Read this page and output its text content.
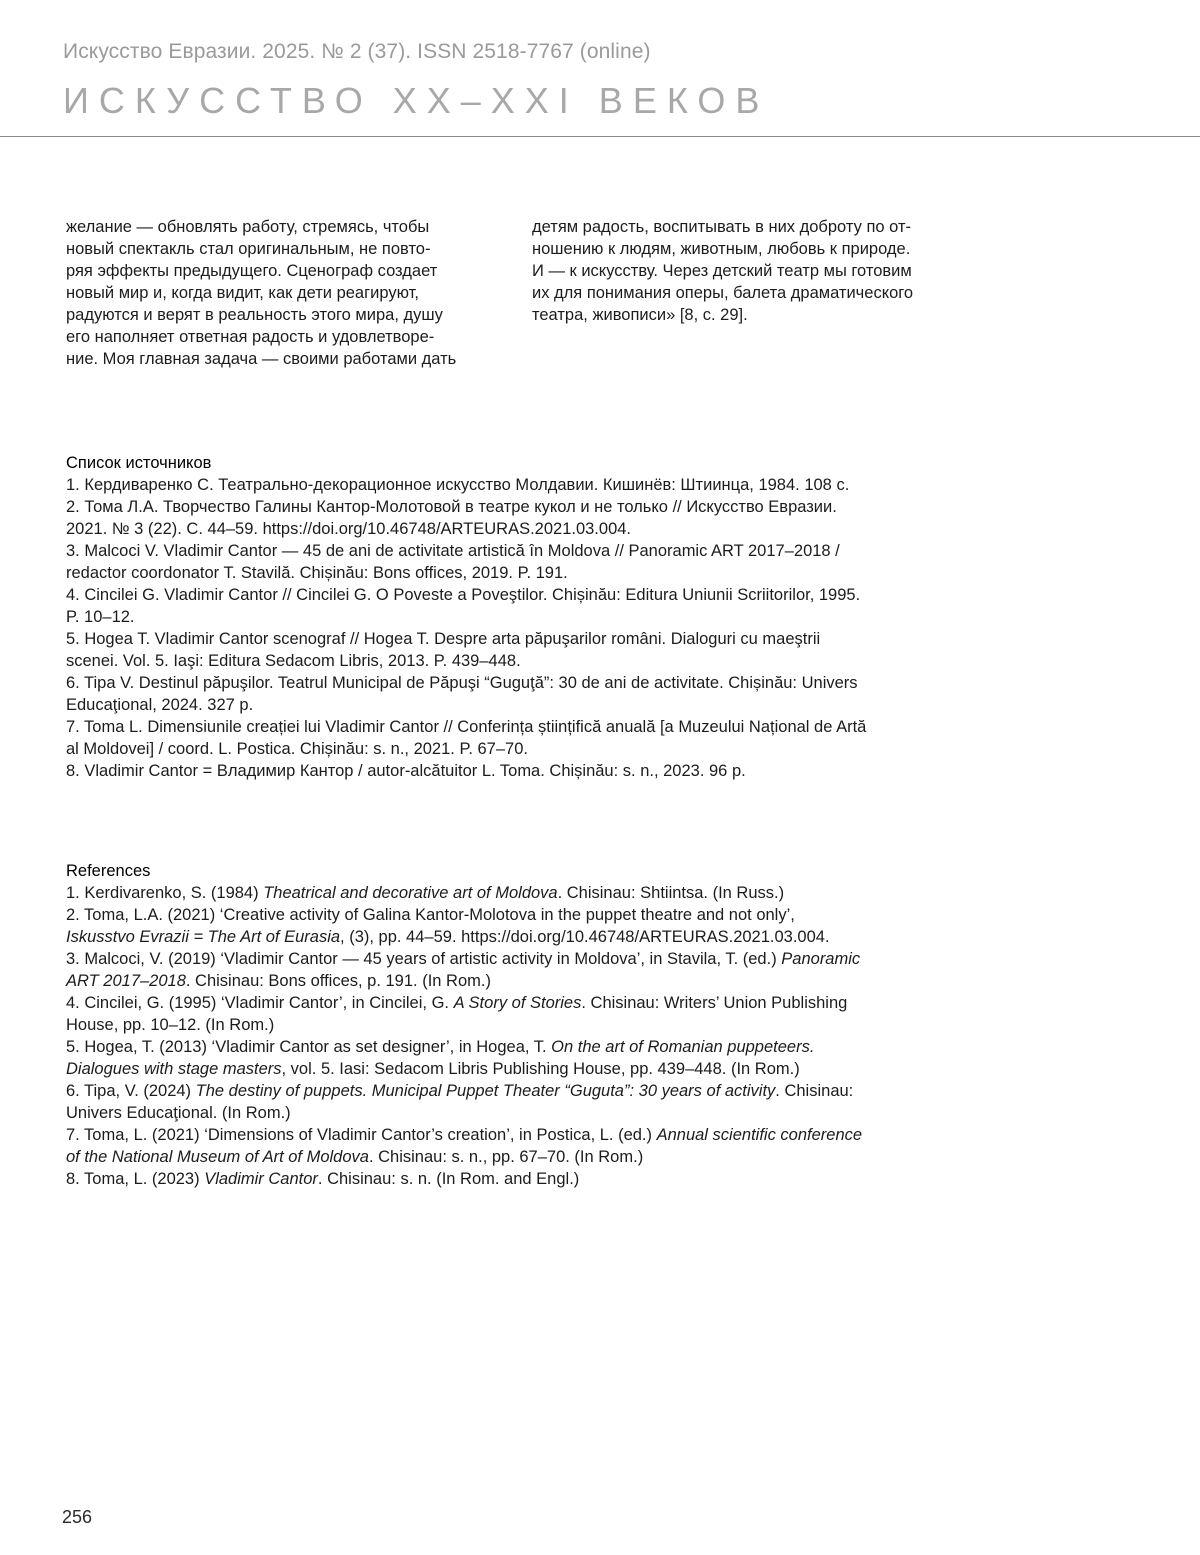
Искусство Евразии. 2025. № 2 (37). ISSN 2518-7767 (online)
ИСКУССТВО XX–XXI ВЕКОВ

желание — обновлять работу, стремясь, чтобы
новый спектакль стал оригинальным, не повто-
ряя эффекты предыдущего. Сценограф создает
новый мир и, когда видит, как дети реагируют,
радуются и верят в реальность этого мира, душу
его наполняет ответная радость и удовлетворе-
ние. Моя главная задача — своими работами дать

детям радость, воспитывать в них доброту по от-
ношению к людям, животным, любовь к природе.
И — к искусству. Через детский театр мы готовим
их для понимания оперы, балета драматического
театра, живописи» [8, с. 29].

Список источников
1. Кердиваренко С. Театрально-декорационное искусство Молдавии. Кишинёв: Штиинца, 1984. 108 с.
2. Тома Л.А. Творчество Галины Кантор-Молотовой в театре кукол и не только // Искусство Евразии.
2021. № 3 (22). С. 44–59. https://doi.org/10.46748/ARTEURAS.2021.03.004.
3. Malcoci V. Vladimir Cantor — 45 de ani de activitate artistică în Moldova // Panoramic ART 2017–2018 /
redactor coordonator T. Stavilă. Chișinău: Bons offices, 2019. P. 191.
4. Cincilei G. Vladimir Cantor // Cincilei G. O Poveste a Poveştilor. Chișinău: Editura Uniunii Scriitorilor, 1995.
P. 10–12.
5. Hogea T. Vladimir Cantor scenograf // Hogea T. Despre arta păpuşarilor români. Dialoguri cu maeştrii
scenei. Vol. 5. Iaşi: Editura Sedacom Libris, 2013. P. 439–448.
6. Tipa V. Destinul păpuşilor. Teatrul Municipal de Păpuşi “Guguţă”: 30 de ani de activitate. Chișinău: Univers
Educaţional, 2024. 327 p.
7. Toma L. Dimensiunile creației lui Vladimir Cantor // Conferința științifică anuală [a Muzeului Național de Artă
al Moldovei] / coord. L. Postica. Chișinău: s. n., 2021. P. 67–70.
8. Vladimir Cantor = Владимир Кантор / autor-alcătuitor L. Toma. Chișinău: s. n., 2023. 96 p.
References
1. Kerdivarenko, S. (1984) Theatrical and decorative art of Moldova. Chisinau: Shtiintsa. (In Russ.)
2. Toma, L.A. (2021) ‘Creative activity of Galina Kantor-Molotova in the puppet theatre and not only’,
Iskusstvo Evrazii = The Art of Eurasia, (3), pp. 44–59. https://doi.org/10.46748/ARTEURAS.2021.03.004.
3. Malcoci, V. (2019) ‘Vladimir Cantor — 45 years of artistic activity in Moldova’, in Stavila, T. (ed.) Panoramic
ART 2017–2018. Chisinau: Bons offices, p. 191. (In Rom.)
4. Cincilei, G. (1995) ‘Vladimir Cantor’, in Cincilei, G. A Story of Stories. Chisinau: Writers’ Union Publishing
House, pp. 10–12. (In Rom.)
5. Hogea, T. (2013) ‘Vladimir Cantor as set designer’, in Hogea, T. On the art of Romanian puppeteers.
Dialogues with stage masters, vol. 5. Iasi: Sedacom Libris Publishing House, pp. 439–448. (In Rom.)
6. Tipa, V. (2024) The destiny of puppets. Municipal Puppet Theater “Guguta”: 30 years of activity. Chisinau:
Univers Educaţional. (In Rom.)
7. Toma, L. (2021) ‘Dimensions of Vladimir Cantor’s creation’, in Postica, L. (ed.) Annual scientific conference
of the National Museum of Art of Moldova. Chisinau: s. n., pp. 67–70. (In Rom.)
8. Toma, L. (2023) Vladimir Cantor. Chisinau: s. n. (In Rom. and Engl.)
256
